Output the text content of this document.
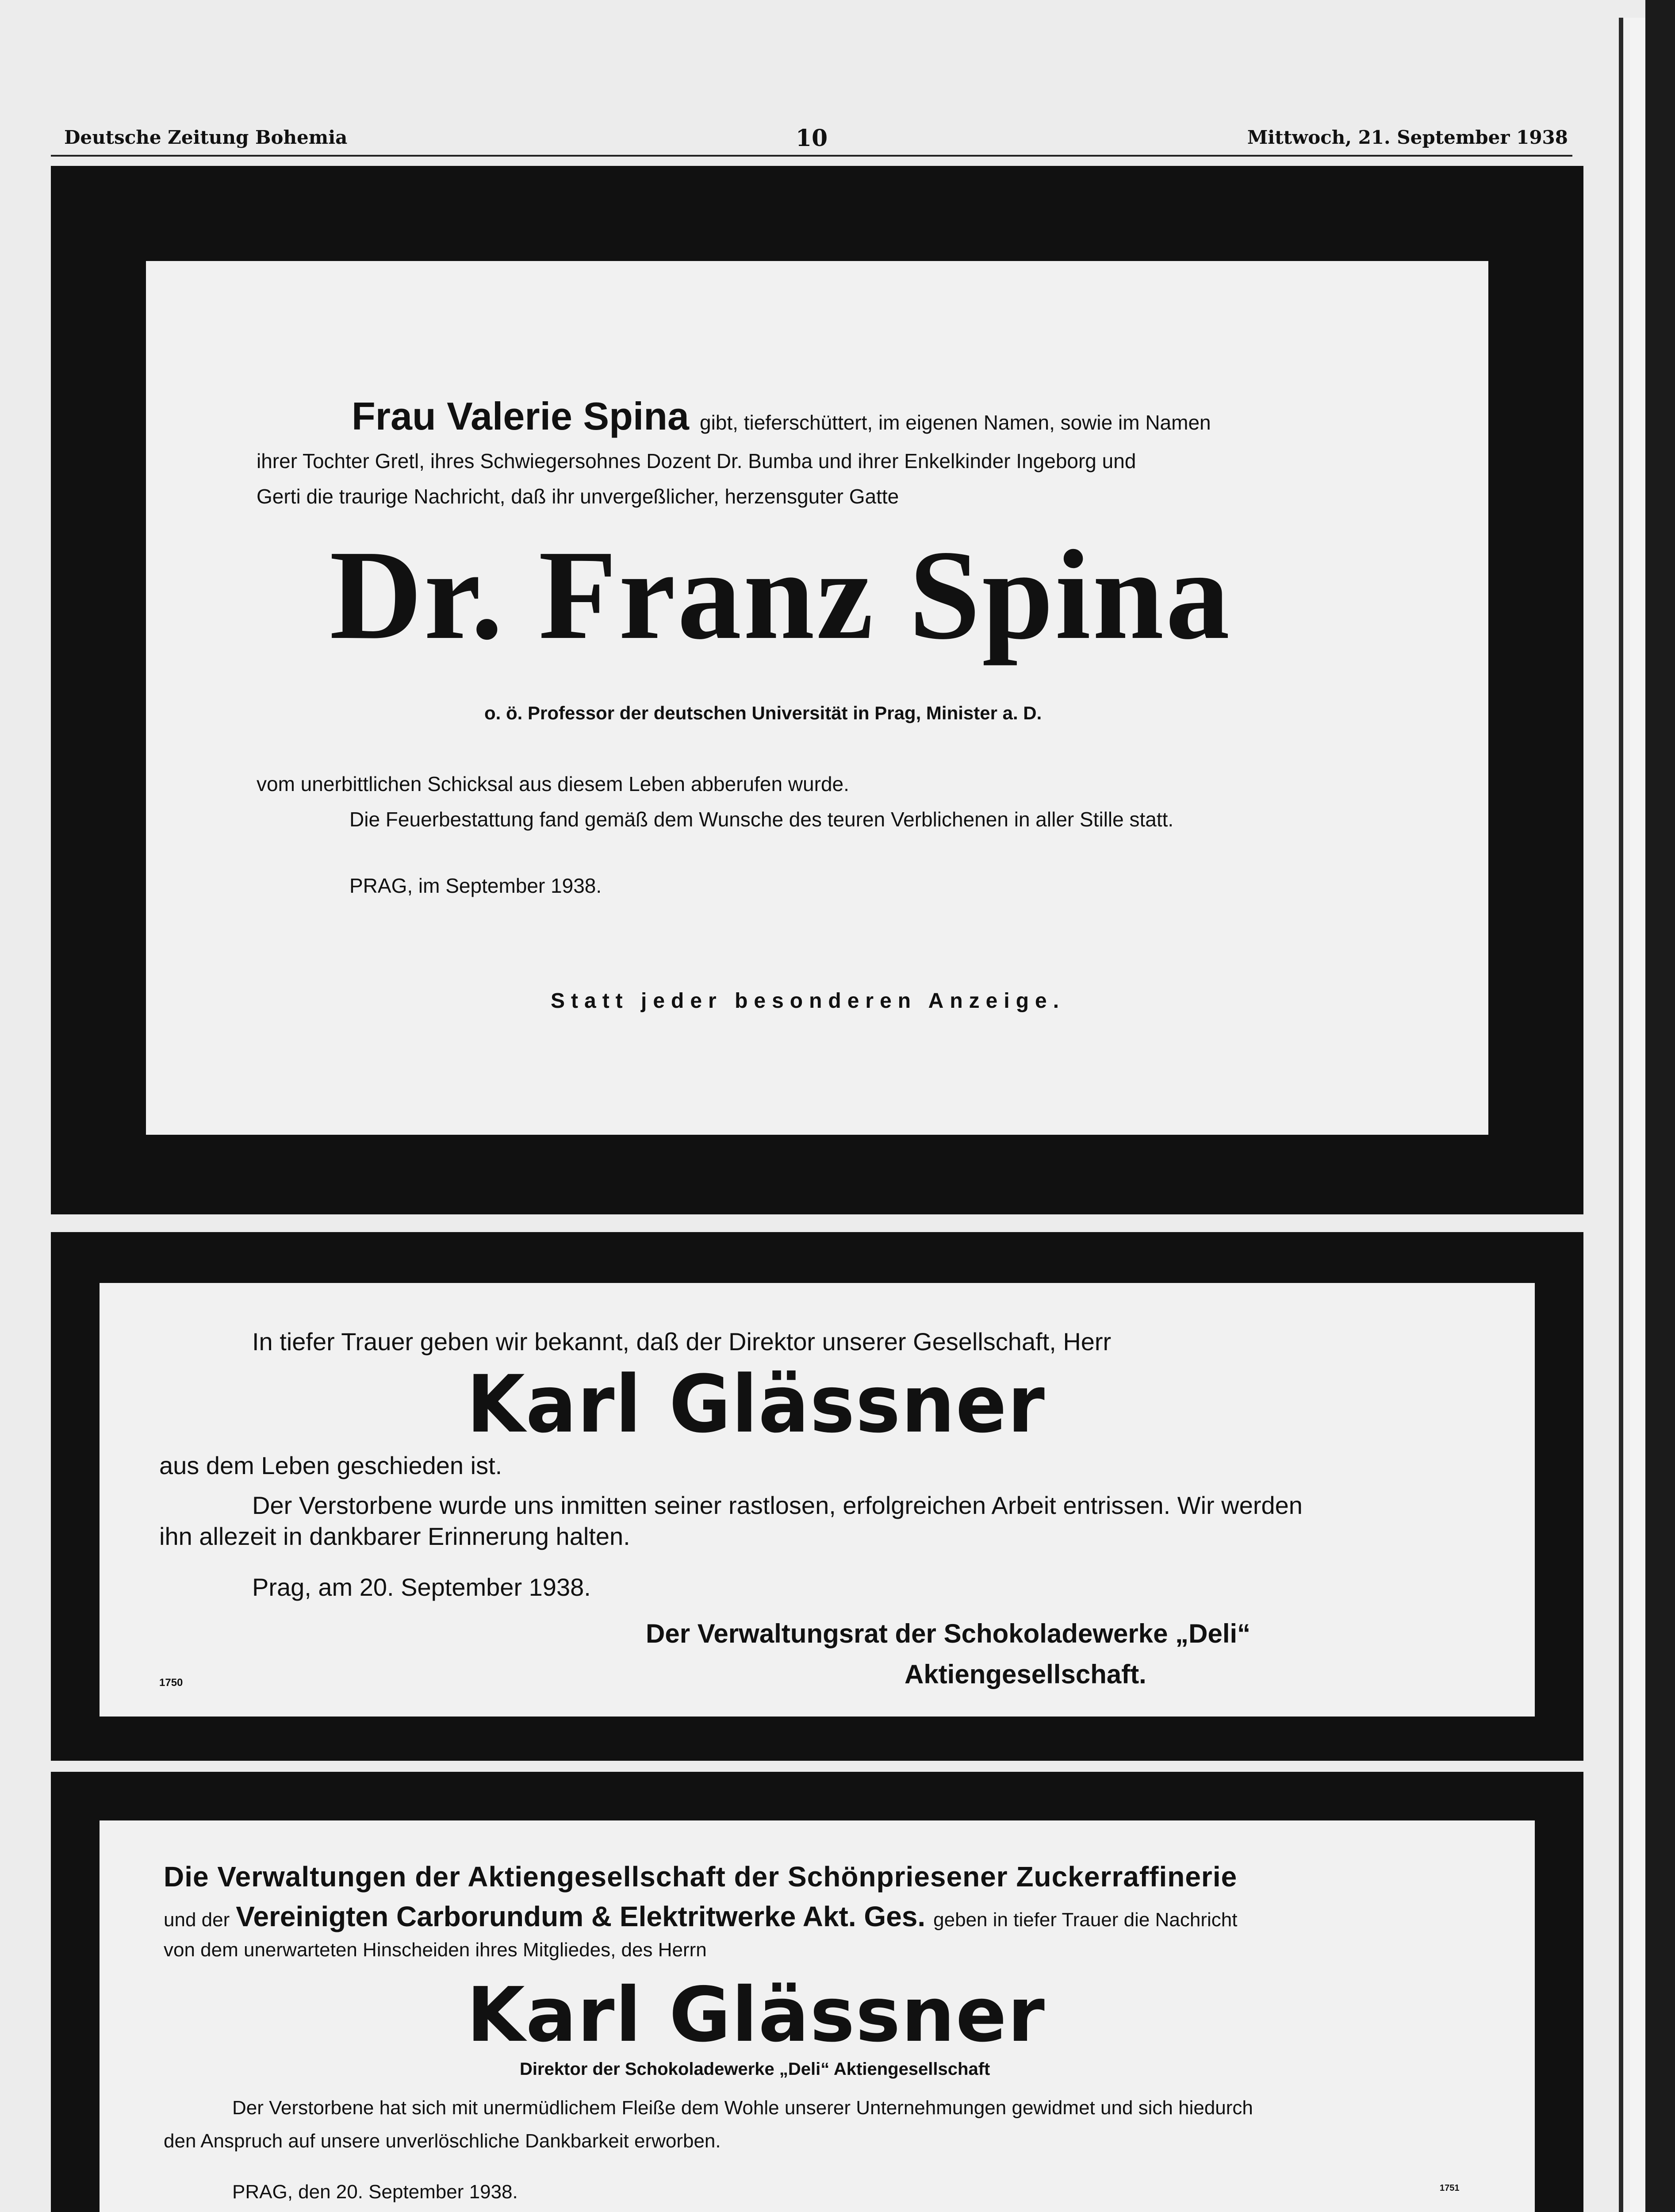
Deutsche Zeitung Bohemia	10	Mittwoch, 21. September 1938
⠀
Frau Valerie Spina gibt, tieferschüttert, im eigenen Namen, sowie im Namen
ihrer Tochter Gretl, ihres Schwiegersohnes Dozent Dr. Bumba und ihrer Enkelkinder Ingeborg und
Gerti die traurige Nachricht, daß ihr unvergeßlicher, herzensguter Gatte
Dr. Franz Spina
o. ö. Professor der deutschen Universität in Prag, Minister a. D.
vom unerbittlichen Schicksal aus diesem Leben abberufen wurde.
Die Feuerbestattung fand gemäß dem Wunsche des teuren Verblichenen in aller Stille statt.
PRAG, im September 1938.
Statt jeder besonderen Anzeige.
In tiefer Trauer geben wir bekannt, daß der Direktor unserer Gesellschaft, Herr
Karl Glässner
aus dem Leben geschieden ist.
Der Verstorbene wurde uns inmitten seiner rastlosen, erfolgreichen Arbeit entrissen. Wir werden
ihn allezeit in dankbarer Erinnerung halten.
Prag, am 20. September 1938.
Der Verwaltungsrat der Schokoladewerke „Deli“
Aktiengesellschaft.
1750
Die Verwaltungen der Aktiengesellschaft der Schönpriesener Zuckerraffinerie
und der Vereinigten Carborundum & Elektritwerke Akt. Ges. geben in tiefer Trauer die Nachricht
von dem unerwarteten Hinscheiden ihres Mitgliedes, des Herrn
Karl Glässner
Direktor der Schokoladewerke „Deli“ Aktiengesellschaft
Der Verstorbene hat sich mit unermüdlichem Fleiße dem Wohle unserer Unternehmungen gewidmet und sich hiedurch
den Anspruch auf unsere unverlöschliche Dankbarkeit erworben.
PRAG, den 20. September 1938.	1751
